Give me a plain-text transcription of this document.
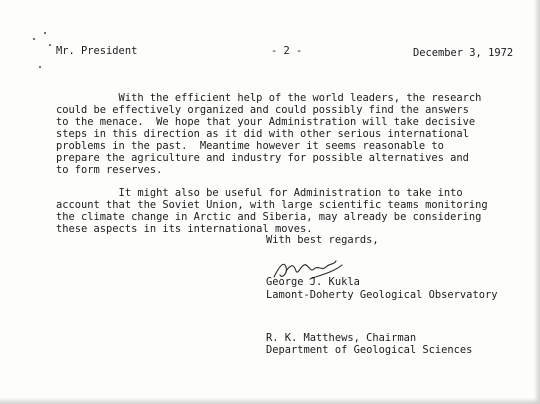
Mr. President	- 2 -	December 3, 1972

With the efficient help of the world leaders, the research

could be effectively organized and could possibly find the answers

to the menace.  We hope that your Administration will take decisive

steps in this direction as it did with other serious international

problems in the past.  Meantime however it seems reasonable to

prepare the agriculture and industry for possible alternatives and

to form reserves.

It might also be useful for Administration to take into

account that the Soviet Union, with large scientific teams monitoring

the climate change in Arctic and Siberia, may already be considering

these aspects in its international moves.

With best regards,

George J. Kukla

Lamont-Doherty Geological Observatory

R. K. Matthews, Chairman

Department of Geological Sciences
